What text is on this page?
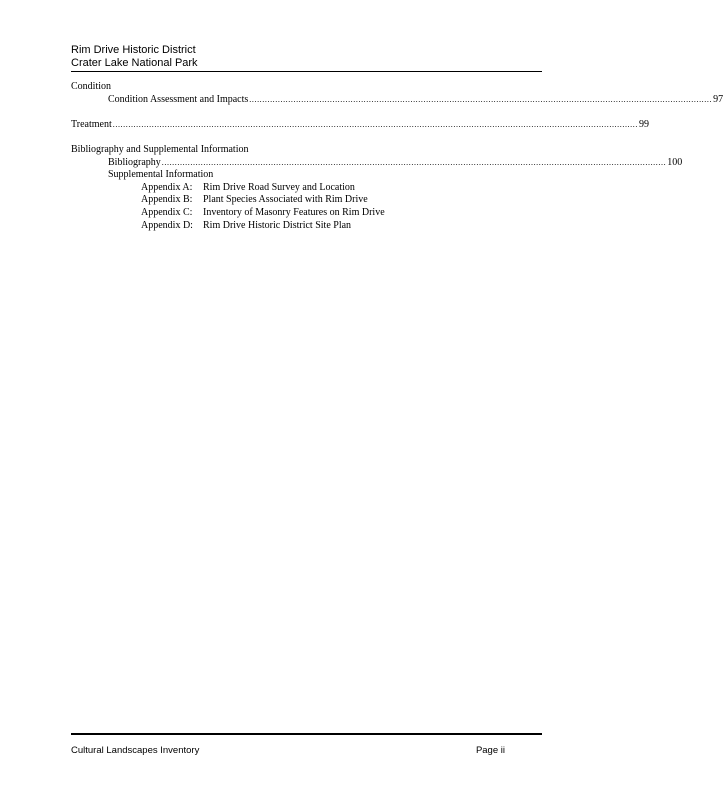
Rim Drive Historic District
Crater Lake National Park
Condition
Condition Assessment and Impacts .................................................................................................................................................................................. 97
Treatment .......................................................................................................................................................................................................... 99
Bibliography and Supplemental Information
Bibliography .................................................................................................................................................................................................. 100
Supplemental Information
Appendix A:	Rim Drive Road Survey and Location
Appendix B:	Plant Species Associated with Rim Drive
Appendix C:	Inventory of Masonry Features on Rim Drive
Appendix D:	Rim Drive Historic District Site Plan
Cultural Landscapes Inventory	Page ii
